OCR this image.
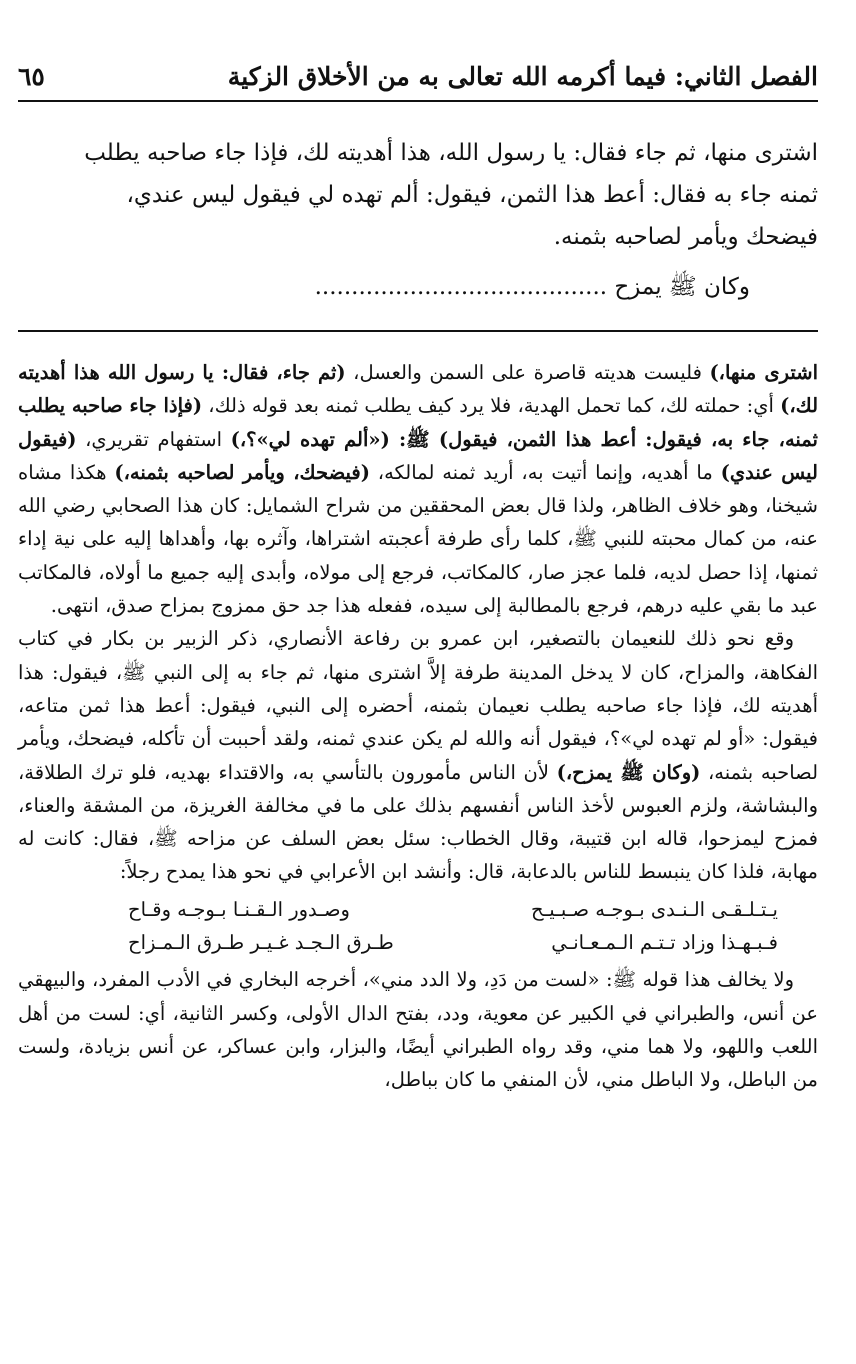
الفصل الثاني: فيما أكرمه الله تعالى به من الأخلاق الزكية
٦٥

اشترى منها، ثم جاء فقال: يا رسول الله، هذا أهديته لك، فإذا جاء صاحبه يطلب

ثمنه جاء به فقال: أعط هذا الثمن، فيقول: ألم تهده لي فيقول ليس عندي،

فيضحك ويأمر لصاحبه بثمنه.

وكان ﷺ يمزح ........................................

اشترى منها،) فليست هديته قاصرة على السمن والعسل، (ثم جاء، فقال: يا رسول الله هذا أهديته لك،) أي: حملته لك، كما تحمل الهدية، فلا يرد كيف يطلب ثمنه بعد قوله ذلك، (فإذا جاء صاحبه يطلب ثمنه، جاء به، فيقول: أعط هذا الثمن، فيقول) ﷺ: («ألم تهده لي»؟،) استفهام تقريري، (فيقول ليس عندي) ما أهديه، وإنما أتيت به، أريد ثمنه لمالكه، (فيضحك، ويأمر لصاحبه بثمنه،) هكذا مشاه شيخنا، وهو خلاف الظاهر، ولذا قال بعض المحققين من شراح الشمايل: كان هذا الصحابي رضي الله عنه، من كمال محبته للنبي ﷺ، كلما رأى طرفة أعجبته اشتراها، وآثره بها، وأهداها إليه على نية إداء ثمنها، إذا حصل لديه، فلما عجز صار، كالمكاتب، فرجع إلى مولاه، وأبدى إليه جميع ما أولاه، فالمكاتب عبد ما بقي عليه درهم، فرجع بالمطالبة إلى سيده، ففعله هذا جد حق ممزوج بمزاح صدق، انتهى.

وقع نحو ذلك للنعيمان بالتصغير، ابن عمرو بن رفاعة الأنصاري، ذكر الزبير بن بكار في كتاب الفكاهة، والمزاح، كان لا يدخل المدينة طرفة إلاَّ اشترى منها، ثم جاء به إلى النبي ﷺ، فيقول: هذا أهديته لك، فإذا جاء صاحبه يطلب نعيمان بثمنه، أحضره إلى النبي، فيقول: أعط هذا ثمن متاعه، فيقول: «أو لم تهده لي»؟، فيقول أنه والله لم يكن عندي ثمنه، ولقد أحببت أن تأكله، فيضحك، ويأمر لصاحبه بثمنه، (وكان ﷺ يمزح،) لأن الناس مأمورون بالتأسي به، والاقتداء بهديه، فلو ترك الطلاقة، والبشاشة، ولزم العبوس لأخذ الناس أنفسهم بذلك على ما في مخالفة الغريزة، من المشقة والعناء، فمزح ليمزحوا، قاله ابن قتيبة، وقال الخطاب: سئل بعض السلف عن مزاحه ﷺ، فقال: كانت له مهابة، فلذا كان ينبسط للناس بالدعابة، قال: وأنشد ابن الأعرابي في نحو هذا يمدح رجلاً:

يـتـلـقـى الـنـدى بـوجـه صـبـيـح
وصـدور الـقـنـا بـوجـه وقـاح
فـبـهـذا وزاد تـتـم الـمـعـانـي
طـرق الـجـد غـيـر طـرق الـمـزاح

ولا يخالف هذا قوله ﷺ: «لست من دَدِ، ولا الدد مني»، أخرجه البخاري في الأدب المفرد، والبيهقي عن أنس، والطبراني في الكبير عن معوية، ودد، بفتح الدال الأولى، وكسر الثانية، أي: لست من أهل اللعب واللهو، ولا هما مني، وقد رواه الطبراني أيضًا، والبزار، وابن عساكر، عن أنس بزيادة، ولست من الباطل، ولا الباطل مني، لأن المنفي ما كان بباطل،
